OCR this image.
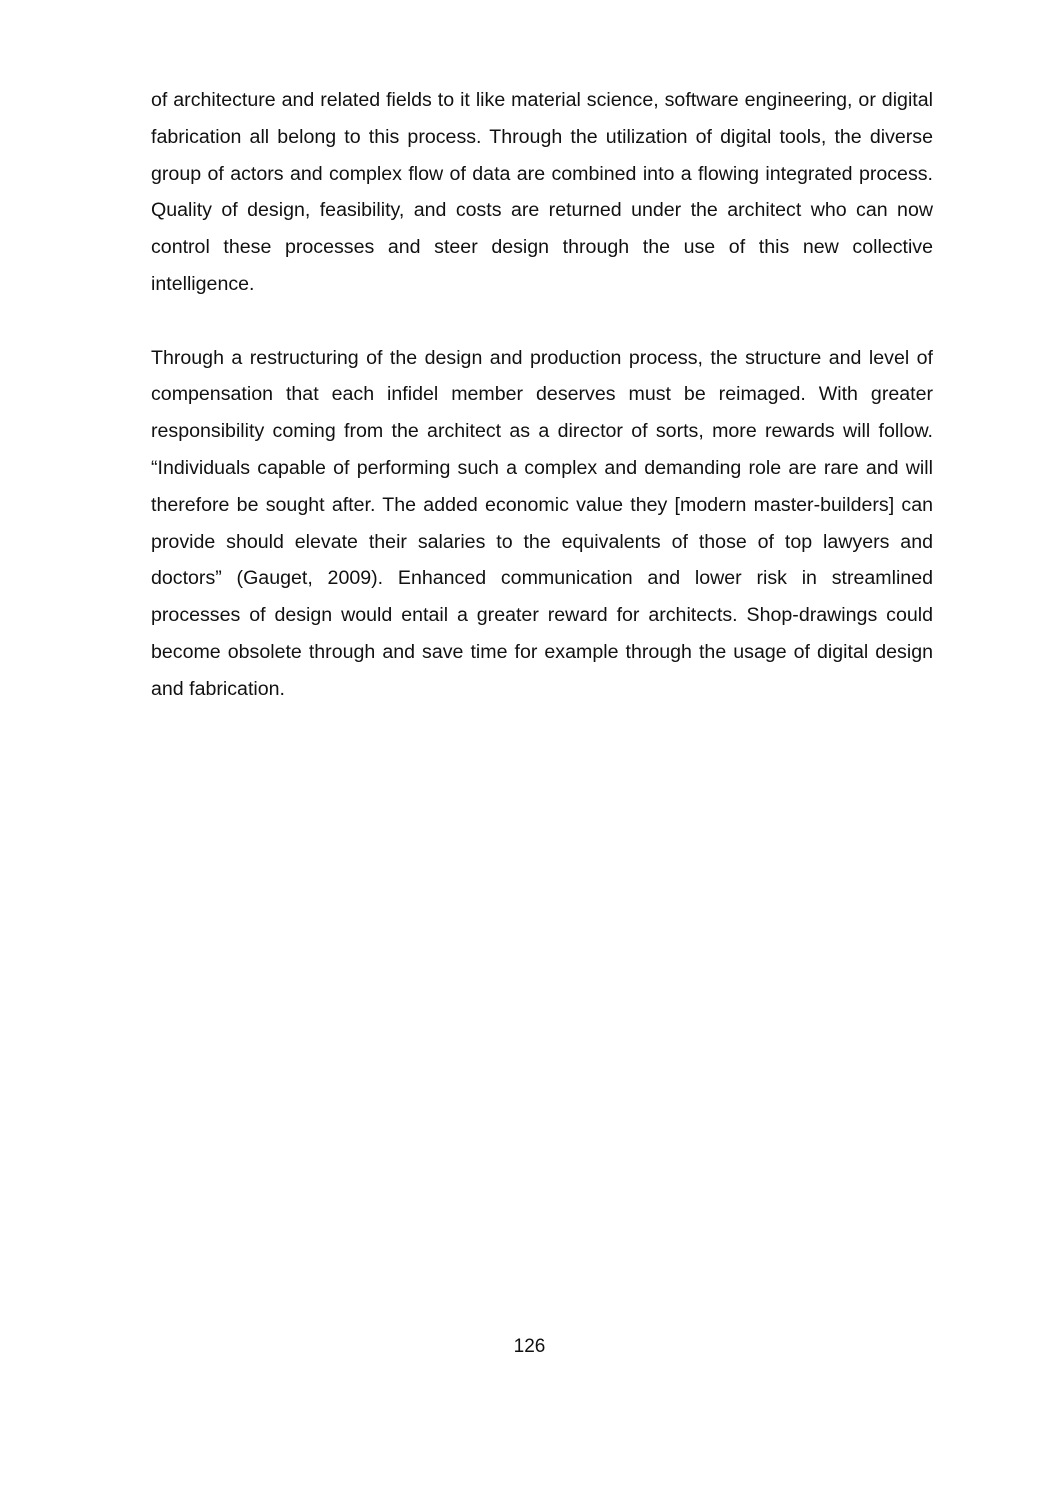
of architecture and related fields to it like material science, software engineering, or digital fabrication all belong to this process. Through the utilization of digital tools, the diverse group of actors and complex flow of data are combined into a flowing integrated process. Quality of design, feasibility, and costs are returned under the architect who can now control these processes and steer design through the use of this new collective intelligence.

Through a restructuring of the design and production process, the structure and level of compensation that each infidel member deserves must be reimaged. With greater responsibility coming from the architect as a director of sorts, more rewards will follow. “Individuals capable of performing such a complex and demanding role are rare and will therefore be sought after. The added economic value they [modern master-builders] can provide should elevate their salaries to the equivalents of those of top lawyers and doctors” (Gauget, 2009). Enhanced communication and lower risk in streamlined processes of design would entail a greater reward for architects. Shop-drawings could become obsolete through and save time for example through the usage of digital design and fabrication.

126
